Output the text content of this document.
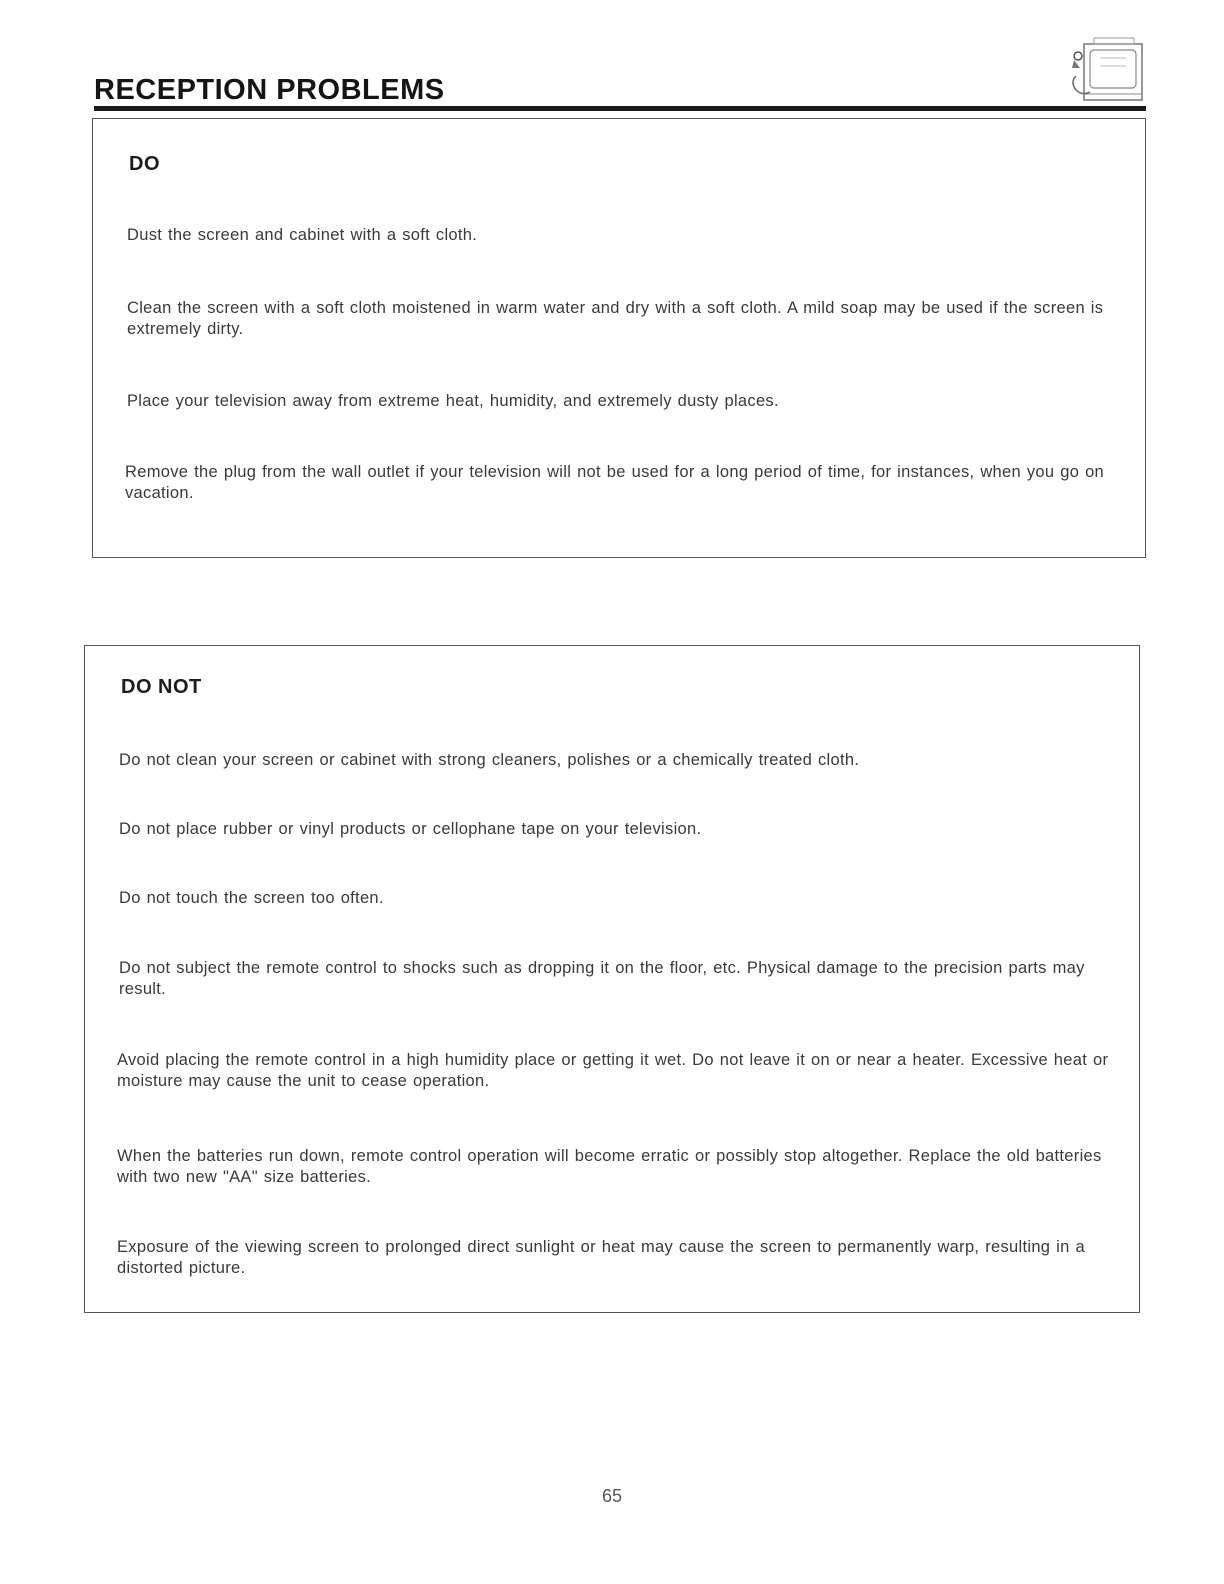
RECEPTION PROBLEMS
DO

Dust the screen and cabinet with a soft cloth.

Clean the screen with a soft cloth moistened in warm water and dry with a soft cloth. A mild soap may be used if the screen is extremely dirty.

Place your television away from extreme heat, humidity, and extremely dusty places.

Remove the plug from the wall outlet if your television will not be used for a long period of time, for instances, when you go on vacation.

DO NOT

Do not clean your screen or cabinet with strong cleaners, polishes or a chemically treated cloth.

Do not place rubber or vinyl products or cellophane tape on your television.

Do not touch the screen too often.

Do not subject the remote control to shocks such as dropping it on the floor, etc. Physical damage to the precision parts may result.

Avoid placing the remote control in a high humidity place or getting it wet. Do not leave it on or near a heater. Excessive heat or moisture may cause the unit to cease operation.

When the batteries run down, remote control operation will become erratic or possibly stop altogether. Replace the old batteries with two new "AA" size batteries.

Exposure of the viewing screen to prolonged direct sunlight or heat may cause the screen to permanently warp, resulting in a distorted picture.

65
